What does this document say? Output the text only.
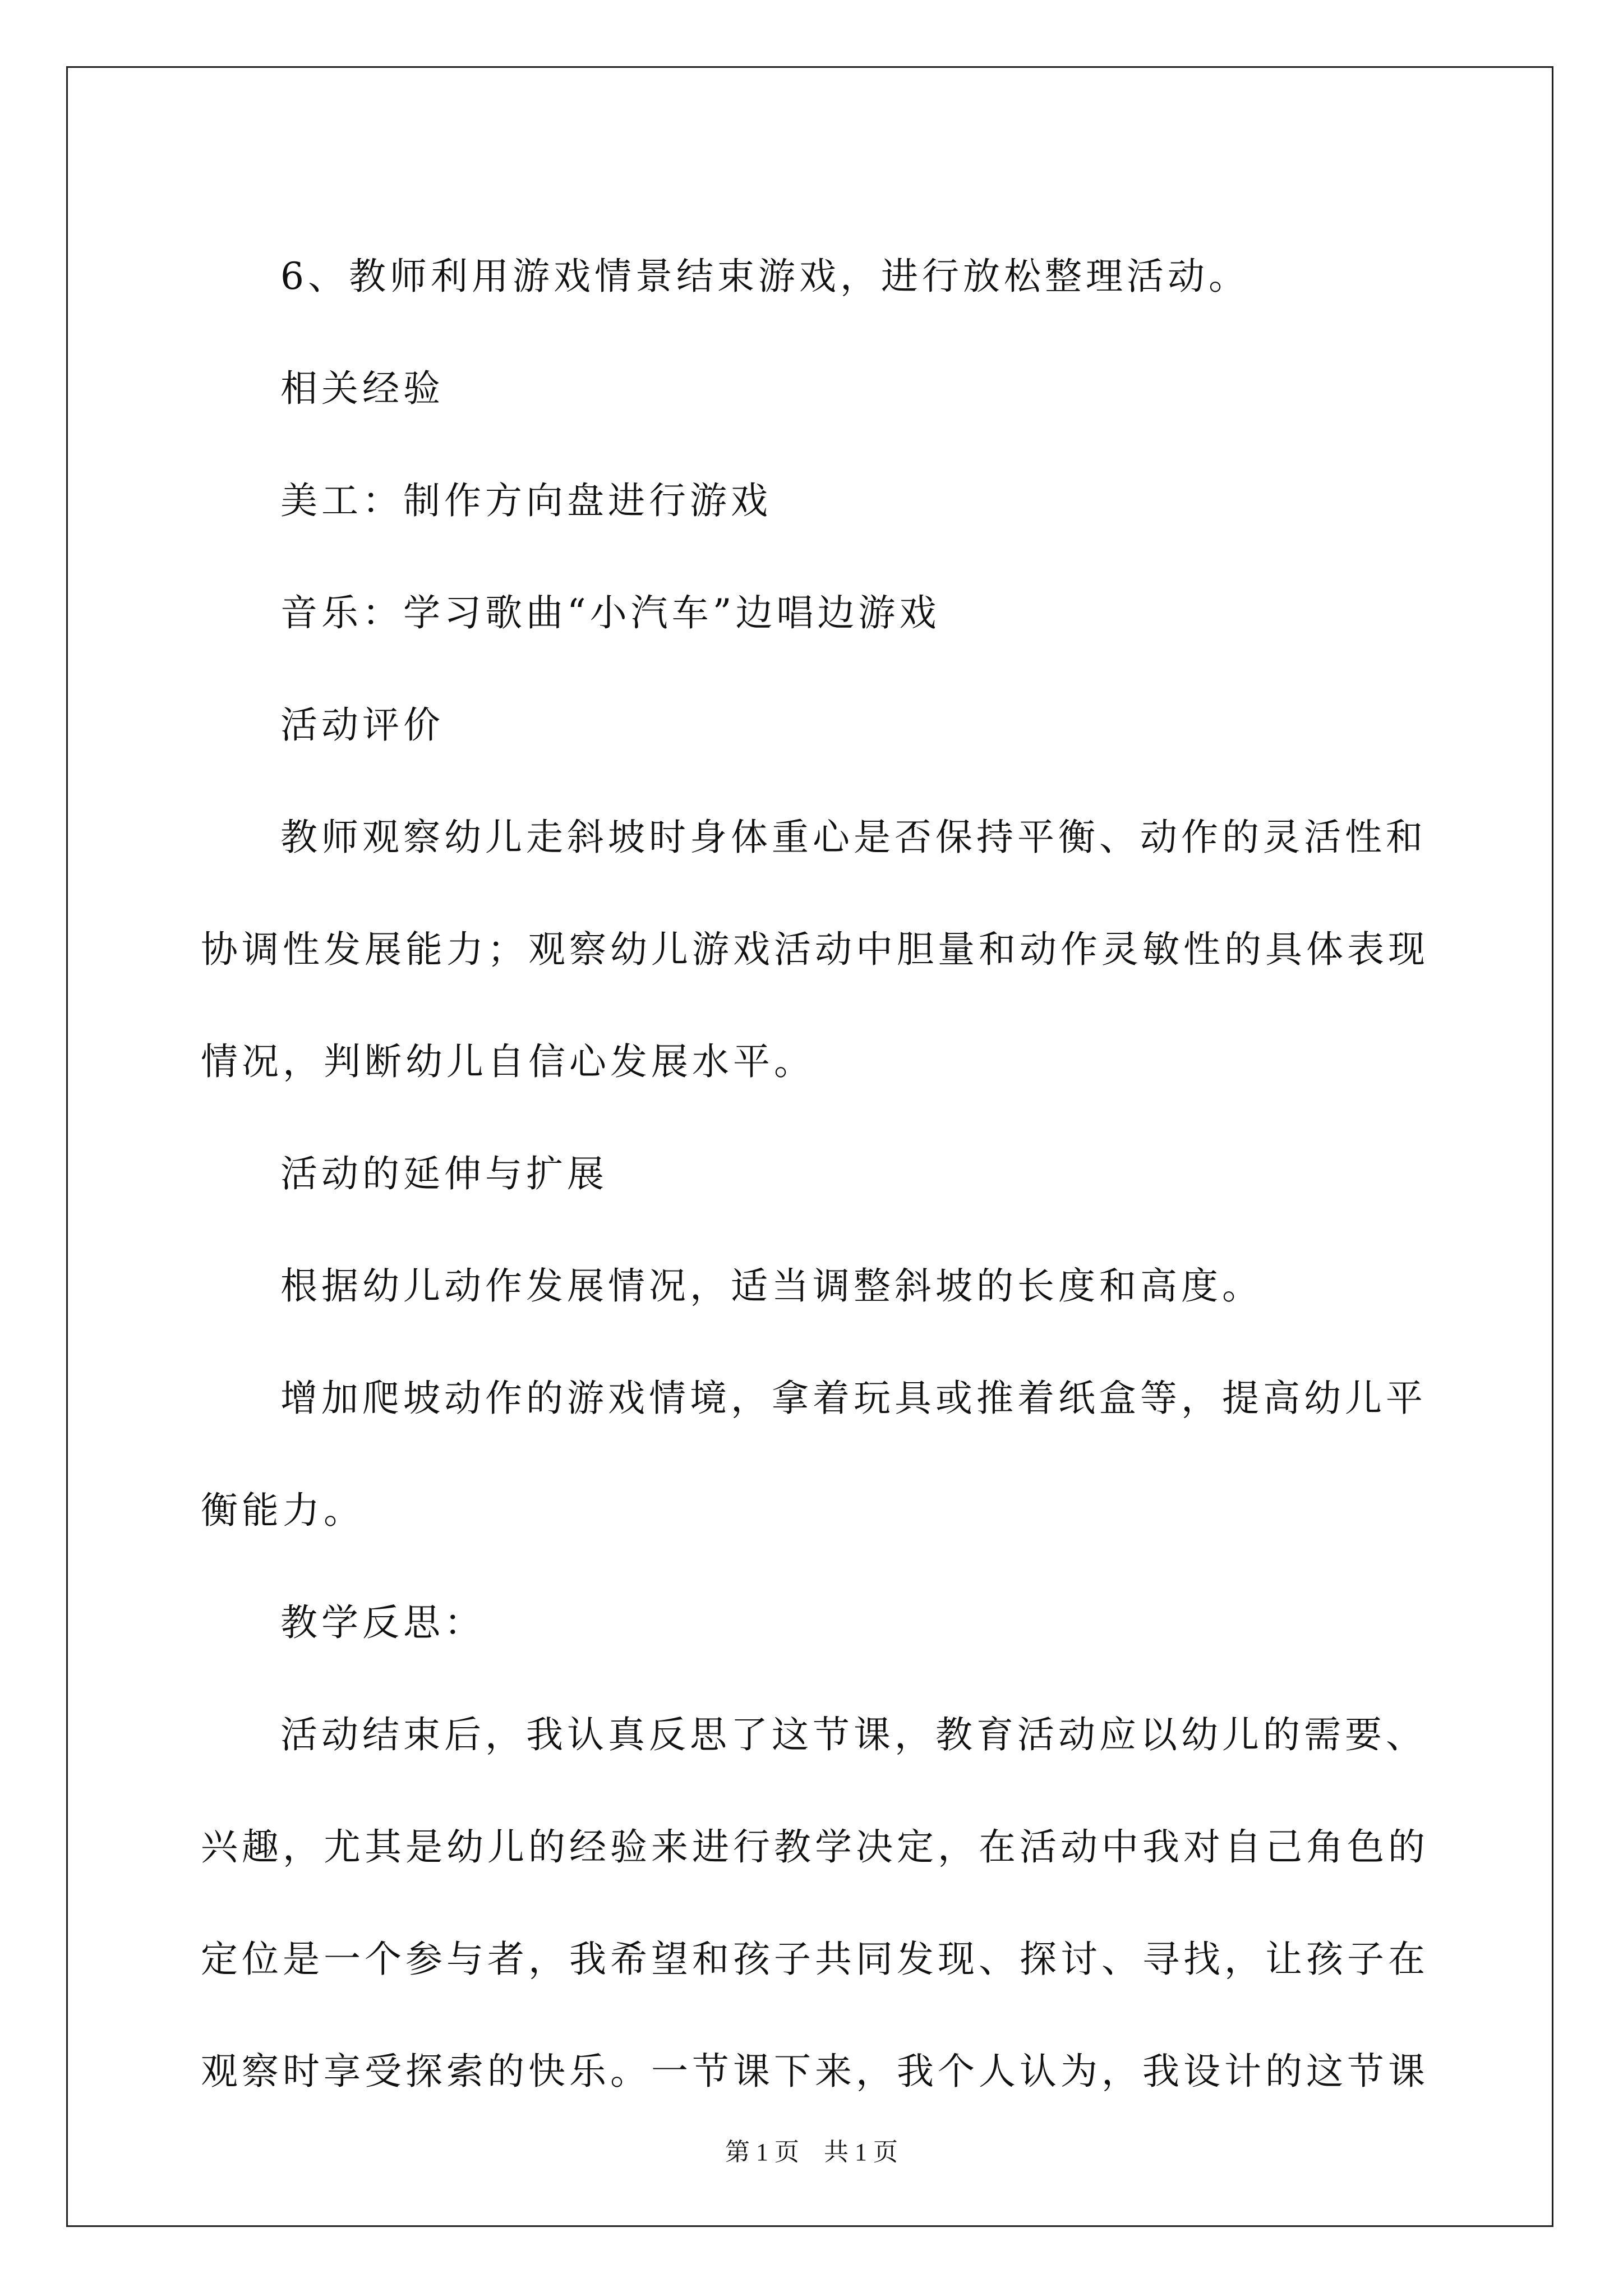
6、教师利用游戏情景结束游戏，进行放松整理活动。

相关经验

美工：制作方向盘进行游戏

音乐：学习歌曲“小汽车”边唱边游戏

活动评价

教师观察幼儿走斜坡时身体重心是否保持平衡、动作的灵活性和

协调性发展能力；观察幼儿游戏活动中胆量和动作灵敏性的具体表现

情况，判断幼儿自信心发展水平。

活动的延伸与扩展

根据幼儿动作发展情况，适当调整斜坡的长度和高度。

增加爬坡动作的游戏情境，拿着玩具或推着纸盒等，提高幼儿平

衡能力。

教学反思：

活动结束后，我认真反思了这节课，教育活动应以幼儿的需要、

兴趣，尤其是幼儿的经验来进行教学决定，在活动中我对自己角色的

定位是一个参与者，我希望和孩子共同发现、探讨、寻找，让孩子在

观察时享受探索的快乐。一节课下来，我个人认为，我设计的这节课

第 1 页　共 1 页
